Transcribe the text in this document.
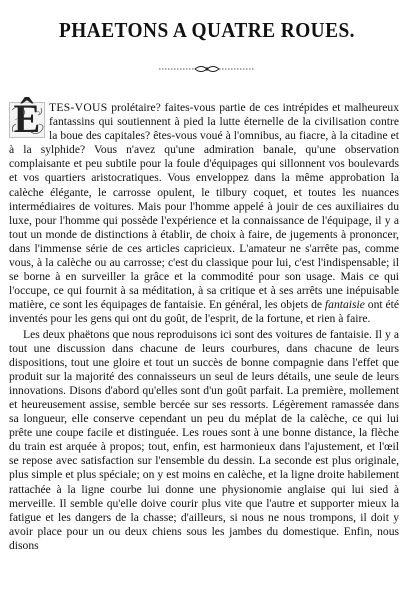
PHAETONS A QUATRE ROUES.

Ê TES-VOUS prolétaire? faites-vous partie de ces intrépides et malheureux fantassins qui soutiennent à pied la lutte éternelle de la civilisation contre la boue des capitales? êtes-vous voué à l'omnibus, au fiacre, à la citadine et à la sylphide? Vous n'avez qu'une admiration banale, qu'une observation complaisante et peu subtile pour la foule d'équipages qui sillonnent vos boulevards et vos quartiers aristocratiques. Vous enveloppez dans la même approbation la calèche élégante, le carrosse opulent, le tilbury coquet, et toutes les nuances intermédiaires de voitures. Mais pour l'homme appelé à jouir de ces auxiliaires du luxe, pour l'homme qui possède l'expérience et la connaissance de l'équipage, il y a tout un monde de distinctions à établir, de choix à faire, de jugements à prononcer, dans l'immense série de ces articles capricieux. L'amateur ne s'arrête pas, comme vous, à la calèche ou au carrosse; c'est du classique pour lui, c'est l'indispensable; il se borne à en surveiller la grâce et la commodité pour son usage. Mais ce qui l'occupe, ce qui fournit à sa méditation, à sa critique et à ses arrêts une inépuisable matière, ce sont les équipages de fantaisie. En général, les objets de fantaisie ont été inventés pour les gens qui ont du goût, de l'esprit, de la fortune, et rien à faire.

Les deux phaëtons que nous reproduisons ici sont des voitures de fantaisie. Il y a tout une discussion dans chacune de leurs courbures, dans chacune de leurs dispositions, tout une gloire et tout un succès de bonne compagnie dans l'effet que produit sur la majorité des connaisseurs un seul de leurs détails, une seule de leurs innovations. Disons d'abord qu'elles sont d'un goût parfait. La première, mollement et heureusement assise, semble bercée sur ses ressorts. Légèrement ramassée dans sa longueur, elle conserve cependant un peu du méplat de la calèche, ce qui lui prête une coupe facile et distinguée. Les roues sont à une bonne distance, la flèche du train est arquée à propos; tout, enfin, est harmonieux dans l'ajustement, et l'œil se repose avec satisfaction sur l'ensemble du dessin. La seconde est plus originale, plus simple et plus spéciale; on y est moins en calèche, et la ligne droite habilement rattachée à la ligne courbe lui donne une physionomie anglaise qui lui sied à merveille. Il semble qu'elle doive courir plus vite que l'autre et supporter mieux la fatigue et les dangers de la chasse; d'ailleurs, si nous ne nous trompons, il doit y avoir place pour un ou deux chiens sous les jambes du domestique. Enfin, nous disons
